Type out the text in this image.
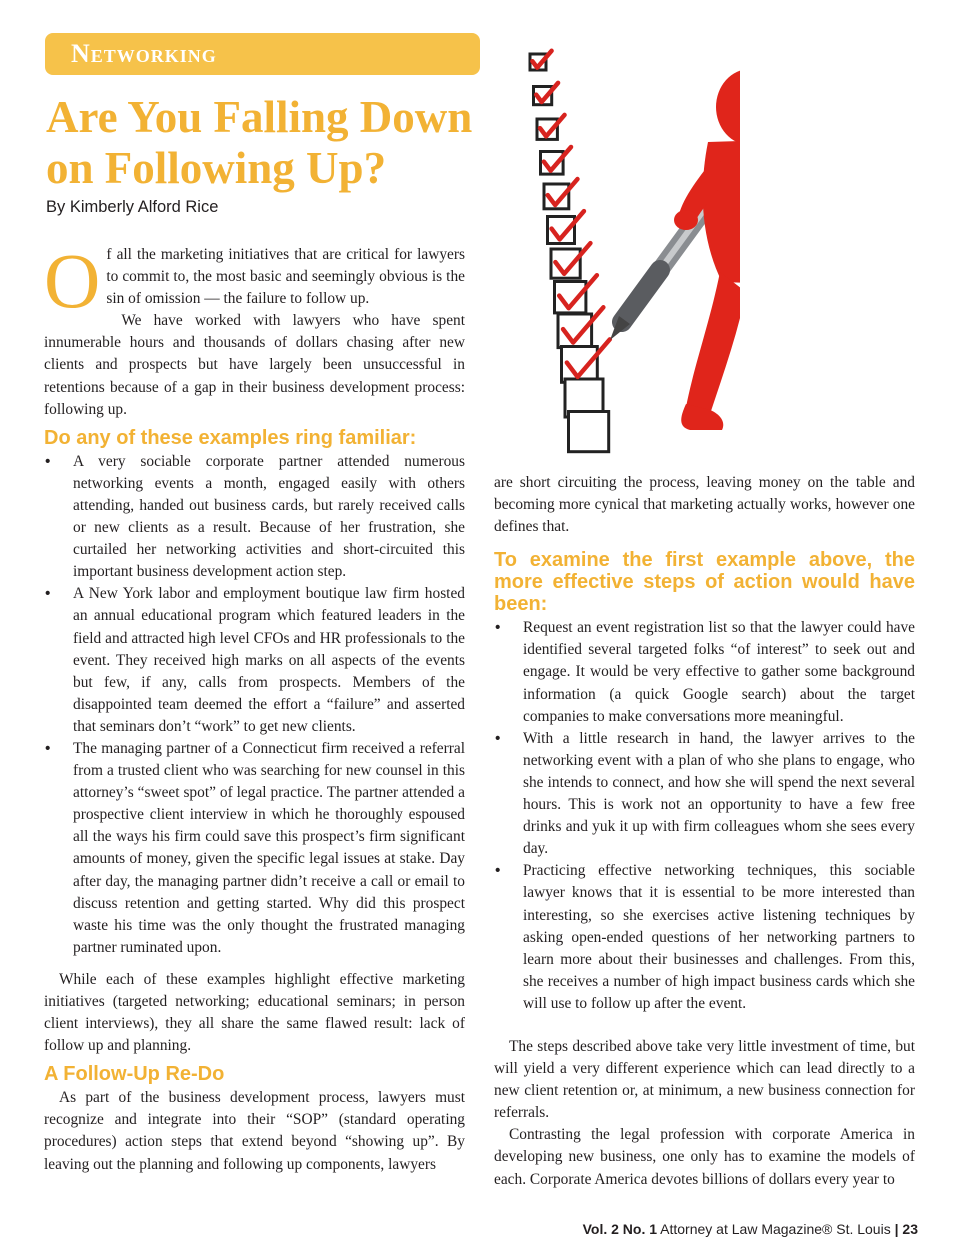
Networking
Are You Falling Down
on Following Up?
By Kimberly Alford Rice

O f all the marketing initiatives that are critical for lawyers to commit to, the most basic and seemingly obvious is the sin of omission — the failure to follow up.

We have worked with lawyers who have spent innumerable hours and thousands of dollars chasing after new clients and prospects but have largely been unsuccessful in retentions because of a gap in their business development process: following up.

Do any of these examples ring familiar:
• A very sociable corporate partner attended numerous networking events a month, engaged easily with others attending, handed out business cards, but rarely received calls or new clients as a result. Because of her frustration, she curtailed her networking activities and short-circuited this important business development action step.
• A New York labor and employment boutique law firm hosted an annual educational program which featured leaders in the field and attracted high level CFOs and HR professionals to the event. They received high marks on all aspects of the events but few, if any, calls from prospects. Members of the disappointed team deemed the effort a “failure” and asserted that seminars don’t “work” to get new clients.
• The managing partner of a Connecticut firm received a referral from a trusted client who was searching for new counsel in this attorney’s “sweet spot” of legal practice. The partner attended a prospective client interview in which he thoroughly espoused all the ways his firm could save this prospect’s firm significant amounts of money, given the specific legal issues at stake. Day after day, the managing partner didn’t receive a call or email to discuss retention and getting started. Why did this prospect waste his time was the only thought the frustrated managing partner ruminated upon.

While each of these examples highlight effective marketing initiatives (targeted networking; educational seminars; in person client interviews), they all share the same flawed result: lack of follow up and planning.

A Follow-Up Re-Do

As part of the business development process, lawyers must recognize and integrate into their “SOP” (standard operating procedures) action steps that extend beyond “showing up”. By leaving out the planning and following up components, lawyers

are short circuiting the process, leaving money on the table and becoming more cynical that marketing actually works, however one defines that.

To examine the first example above, the more effective steps of action would have been:
• Request an event registration list so that the lawyer could have identified several targeted folks “of interest” to seek out and engage. It would be very effective to gather some background information (a quick Google search) about the target companies to make conversations more meaningful.
• With a little research in hand, the lawyer arrives to the networking event with a plan of who she plans to engage, who she intends to connect, and how she will spend the next several hours. This is work not an opportunity to have a few free drinks and yuk it up with firm colleagues whom she sees every day.
• Practicing effective networking techniques, this sociable lawyer knows that it is essential to be more interested than interesting, so she exercises active listening techniques by asking open-ended questions of her networking partners to learn more about their businesses and challenges. From this, she receives a number of high impact business cards which she will use to follow up after the event.

The steps described above take very little investment of time, but will yield a very different experience which can lead directly to a new client retention or, at minimum, a new business connection for referrals.

Contrasting the legal profession with corporate America in developing new business, one only has to examine the models of each. Corporate America devotes billions of dollars every year to

Vol. 2 No. 1 Attorney at Law Magazine® St. Louis | 23
